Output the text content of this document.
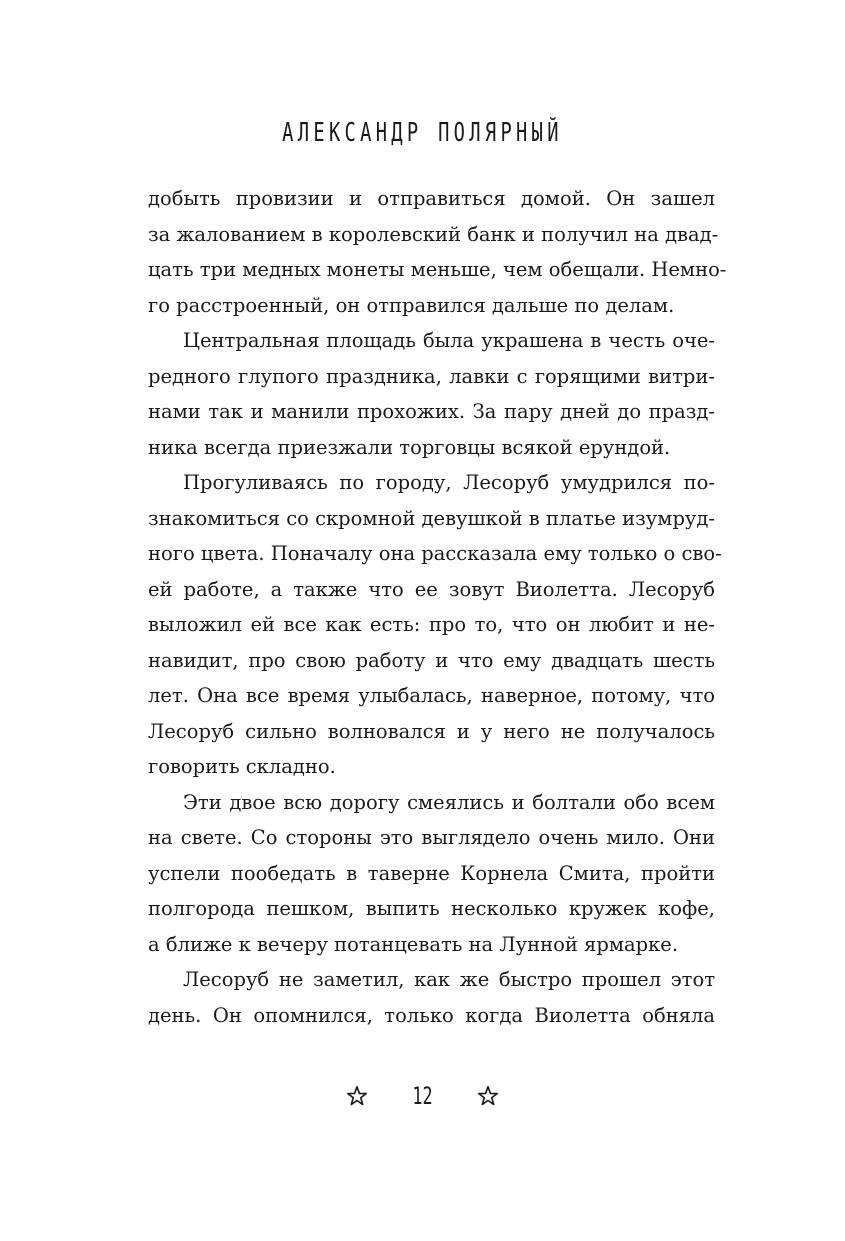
АЛЕКСАНДР ПОЛЯРНЫЙ
добыть провизии и отправиться домой. Он зашел
за жалованием в королевский банк и получил на двад-
цать три медных монеты меньше, чем обещали. Немно-
го расстроенный, он отправился дальше по делам.
Центральная площадь была украшена в честь оче-
редного глупого праздника, лавки с горящими витри-
нами так и манили прохожих. За пару дней до празд-
ника всегда приезжали торговцы всякой ерундой.
Прогуливаясь по городу, Лесоруб умудрился по-
знакомиться со скромной девушкой в платье изумруд-
ного цвета. Поначалу она рассказала ему только о сво-
ей работе, а также что ее зовут Виолетта. Лесоруб
выложил ей все как есть: про то, что он любит и не-
навидит, про свою работу и что ему двадцать шесть
лет. Она все время улыбалась, наверное, потому, что
Лесоруб сильно волновался и у него не получалось
говорить складно.
Эти двое всю дорогу смеялись и болтали обо всем
на свете. Со стороны это выглядело очень мило. Они
успели пообедать в таверне Корнела Смита, пройти
полгорода пешком, выпить несколько кружек кофе,
а ближе к вечеру потанцевать на Лунной ярмарке.
Лесоруб не заметил, как же быстро прошел этот
день. Он опомнился, только когда Виолетта обняла
12
